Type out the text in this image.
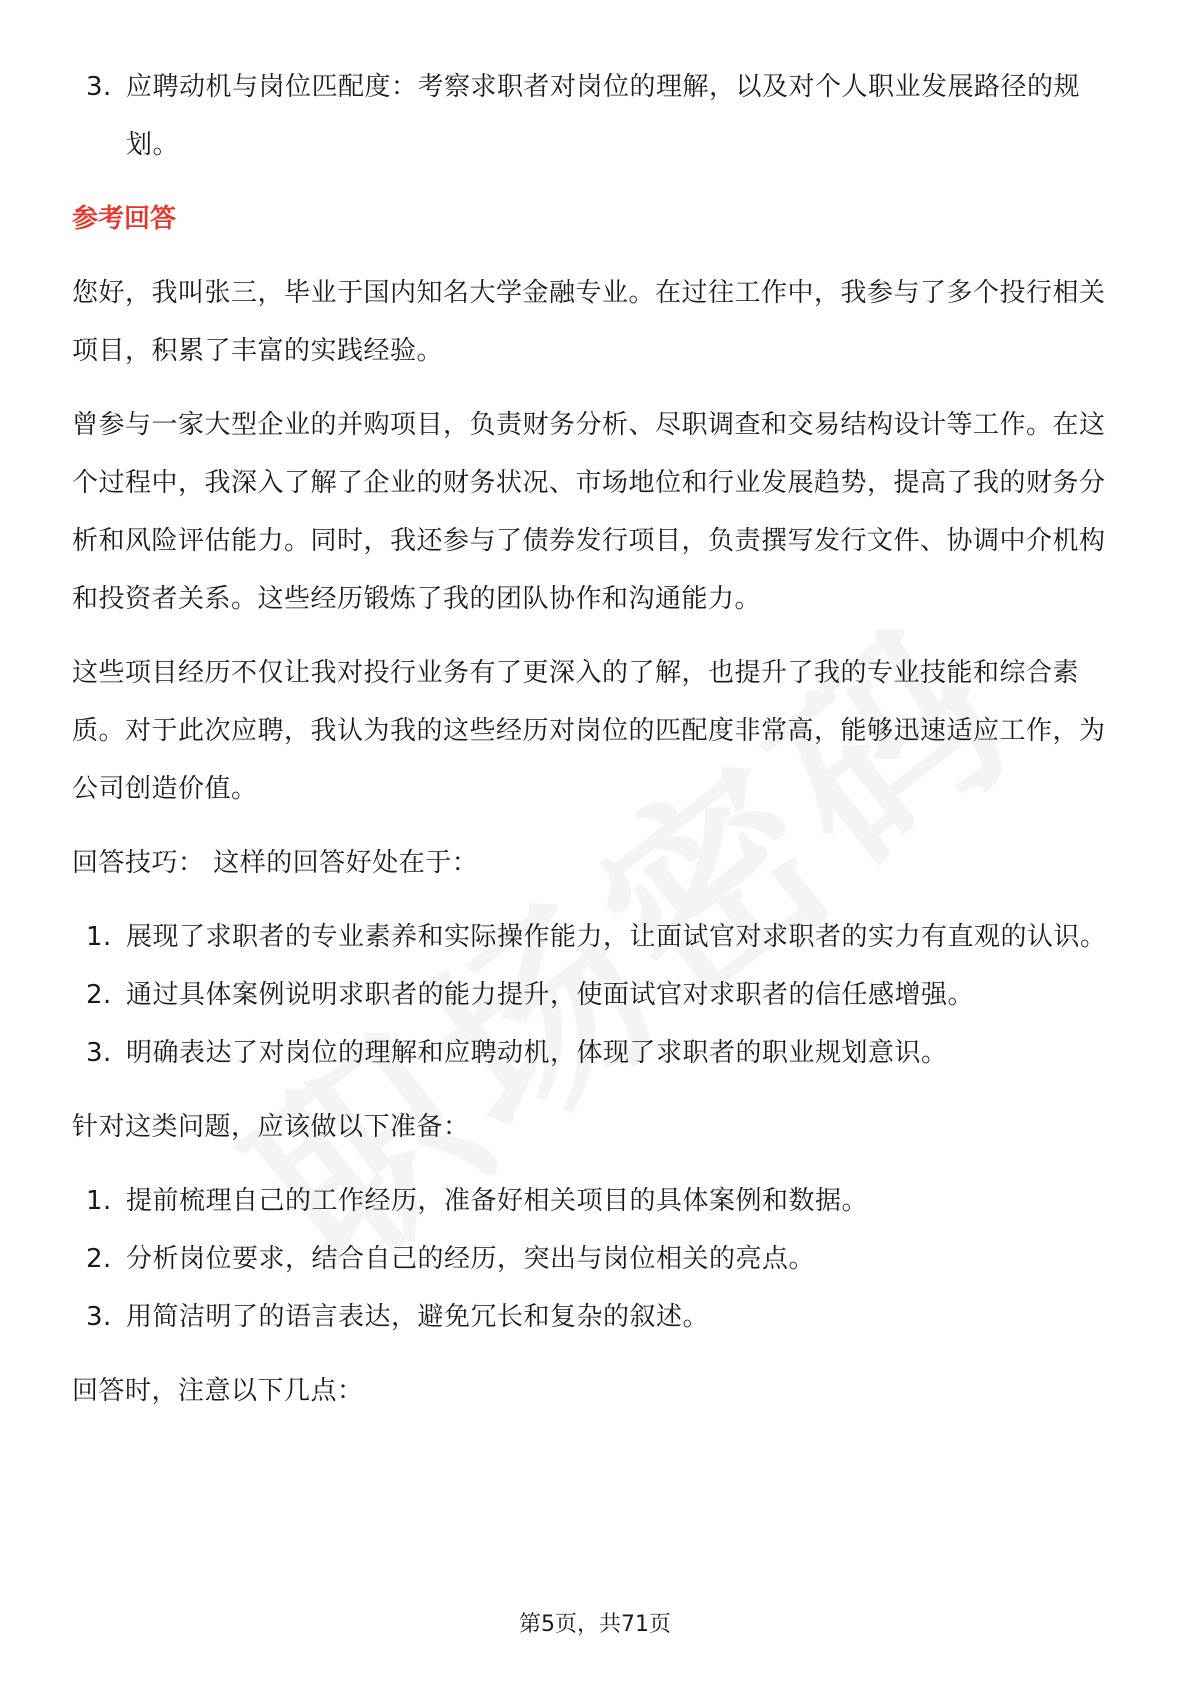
3. 应聘动机与岗位匹配度：考察求职者对岗位的理解，以及对个人职业发展路径的规划。
参考回答

您好，我叫张三，毕业于国内知名大学金融专业。在过往工作中，我参与了多个投行相关项目，积累了丰富的实践经验。

曾参与一家大型企业的并购项目，负责财务分析、尽职调查和交易结构设计等工作。在这个过程中，我深入了解了企业的财务状况、市场地位和行业发展趋势，提高了我的财务分析和风险评估能力。同时，我还参与了债券发行项目，负责撰写发行文件、协调中介机构和投资者关系。这些经历锻炼了我的团队协作和沟通能力。

这些项目经历不仅让我对投行业务有了更深入的了解，也提升了我的专业技能和综合素质。对于此次应聘，我认为我的这些经历对岗位的匹配度非常高，能够迅速适应工作，为公司创造价值。

回答技巧： 这样的回答好处在于：

1. 展现了求职者的专业素养和实际操作能力，让面试官对求职者的实力有直观的认识。
2. 通过具体案例说明求职者的能力提升，使面试官对求职者的信任感增强。
3. 明确表达了对岗位的理解和应聘动机，体现了求职者的职业规划意识。

针对这类问题，应该做以下准备：

1. 提前梳理自己的工作经历，准备好相关项目的具体案例和数据。
2. 分析岗位要求，结合自己的经历，突出与岗位相关的亮点。
3. 用简洁明了的语言表达，避免冗长和复杂的叙述。

回答时，注意以下几点：

第5页，共71页
